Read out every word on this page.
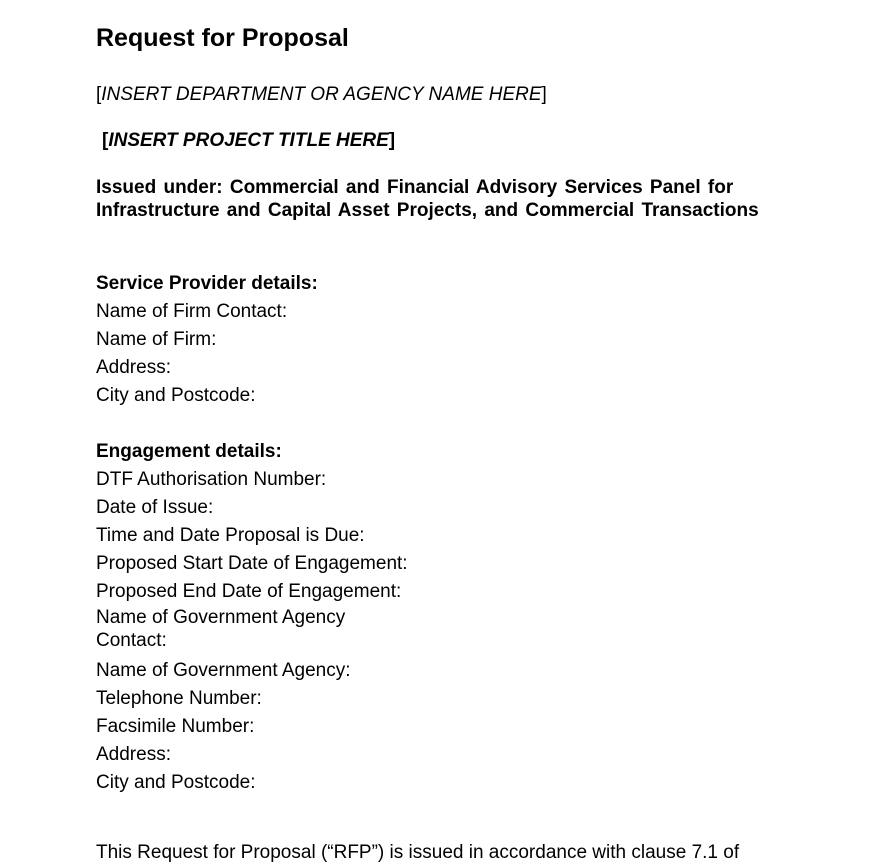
Request for Proposal
[INSERT DEPARTMENT OR AGENCY NAME HERE]
[INSERT PROJECT TITLE HERE]
Issued under: Commercial and Financial Advisory Services Panel for
Infrastructure and Capital Asset Projects, and Commercial Transactions
Service Provider details:
Name of Firm Contact:
Name of Firm:
Address:
City and Postcode:
Engagement details:
DTF Authorisation Number:
Date of Issue:
Time and Date Proposal is Due:
Proposed Start Date of Engagement:
Proposed End Date of Engagement:
Name of Government Agency
Contact:
Name of Government Agency:
Telephone Number:
Facsimile Number:
Address:
City and Postcode:
This Request for Proposal (“RFP”) is issued in accordance with clause 7.1 of
